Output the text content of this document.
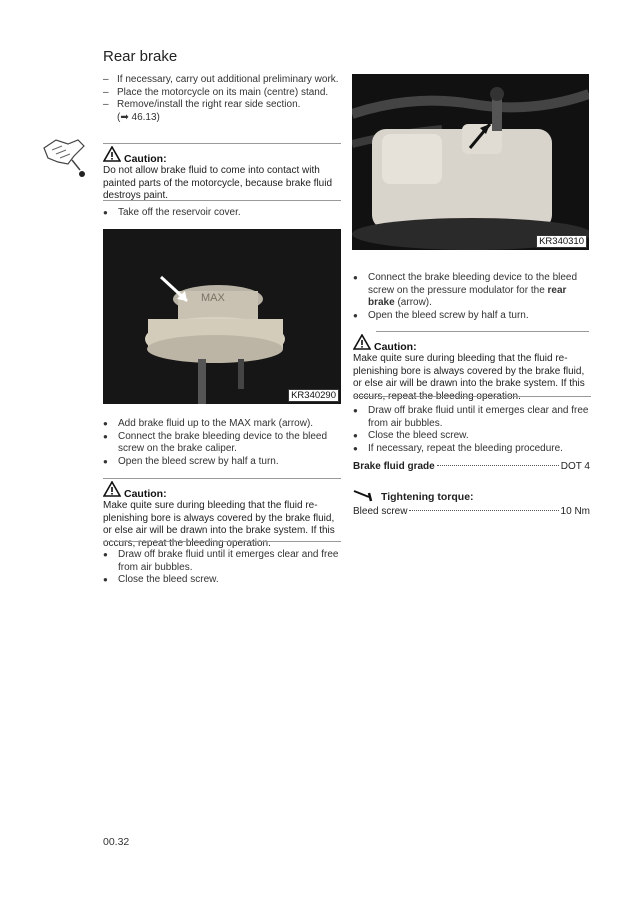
Rear brake
– If necessary, carry out additional preliminary work.
– Place the motorcycle on its main (centre) stand.
– Remove/install the right rear side section.
(➡ 46.13)
Caution:
Do not allow brake fluid to come into contact with painted parts of the motorcycle, because brake fluid destroys paint.
● Take off the reservoir cover.
MAX
KR340290
● Add brake fluid up to the MAX mark (arrow).
● Connect the brake bleeding device to the bleed screw on the brake caliper.
● Open the bleed screw by half a turn.
Caution:
Make quite sure during bleeding that the fluid re-plenishing bore is always covered by the brake fluid, or else air will be drawn into the brake system. If this occurs, repeat the bleeding operation.
● Draw off brake fluid until it emerges clear and free from air bubbles.
● Close the bleed screw.
KR340310
● Connect the brake bleeding device to the bleed screw on the pressure modulator for the rear brake (arrow).
● Open the bleed screw by half a turn.
Caution:
Make quite sure during bleeding that the fluid re-plenishing bore is always covered by the brake fluid, or else air will be drawn into the brake system. If this occurs, repeat the bleeding operation.
● Draw off brake fluid until it emerges clear and free from air bubbles.
● Close the bleed screw.
● If necessary, repeat the bleeding procedure.
Brake fluid grade	DOT 4
Tightening torque:
Bleed screw	10 Nm
00.32
